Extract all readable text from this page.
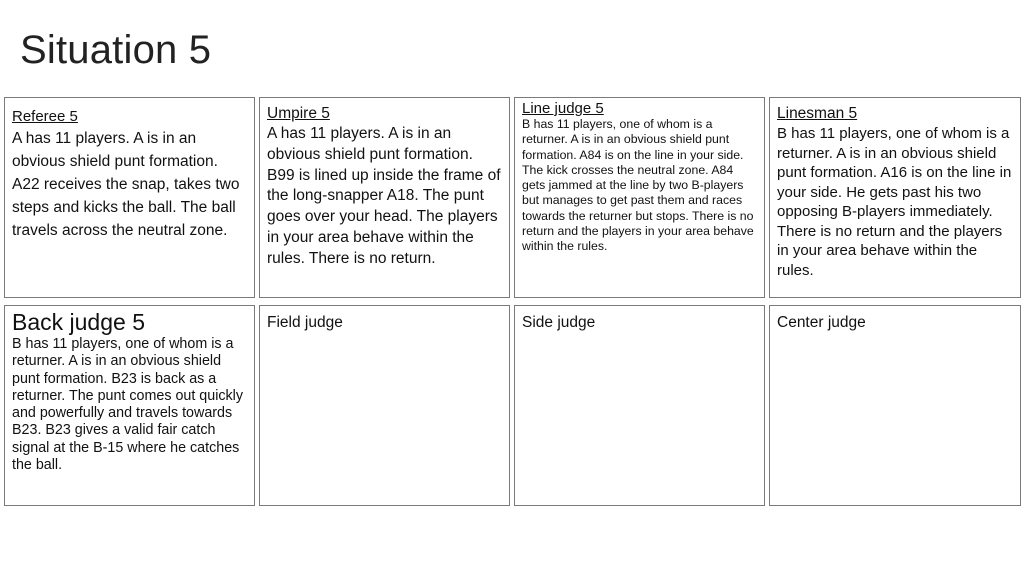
Situation 5
Referee 5
A has 11 players. A is in an obvious shield punt formation. A22 receives the snap, takes two steps and kicks the ball. The ball travels across the neutral zone.
Umpire 5
A has 11 players. A is in an obvious shield punt formation. B99 is lined up inside the frame of the long-snapper A18. The punt goes over your head. The players in your area behave within the rules. There is no return.
Line judge 5
B has 11 players, one of whom is a returner. A is in an obvious shield punt formation. A84 is on the line in your side. The kick crosses the neutral zone. A84 gets jammed at the line by two B-players but manages to get past them and races towards the returner but stops. There is no return and the players in your area behave within the rules.
Linesman 5
B has 11 players, one of whom is a returner. A is in an obvious shield punt formation. A16 is on the line in your side. He gets past his two opposing B-players immediately. There is no return and the players in your area behave within the rules.
Back judge 5
B has 11 players, one of whom is a returner. A is in an obvious shield punt formation. B23 is back as a returner. The punt comes out quickly and powerfully and travels towards B23. B23 gives a valid fair catch signal at the B-15 where he catches the ball.
Field judge	Side judge	Center judge
